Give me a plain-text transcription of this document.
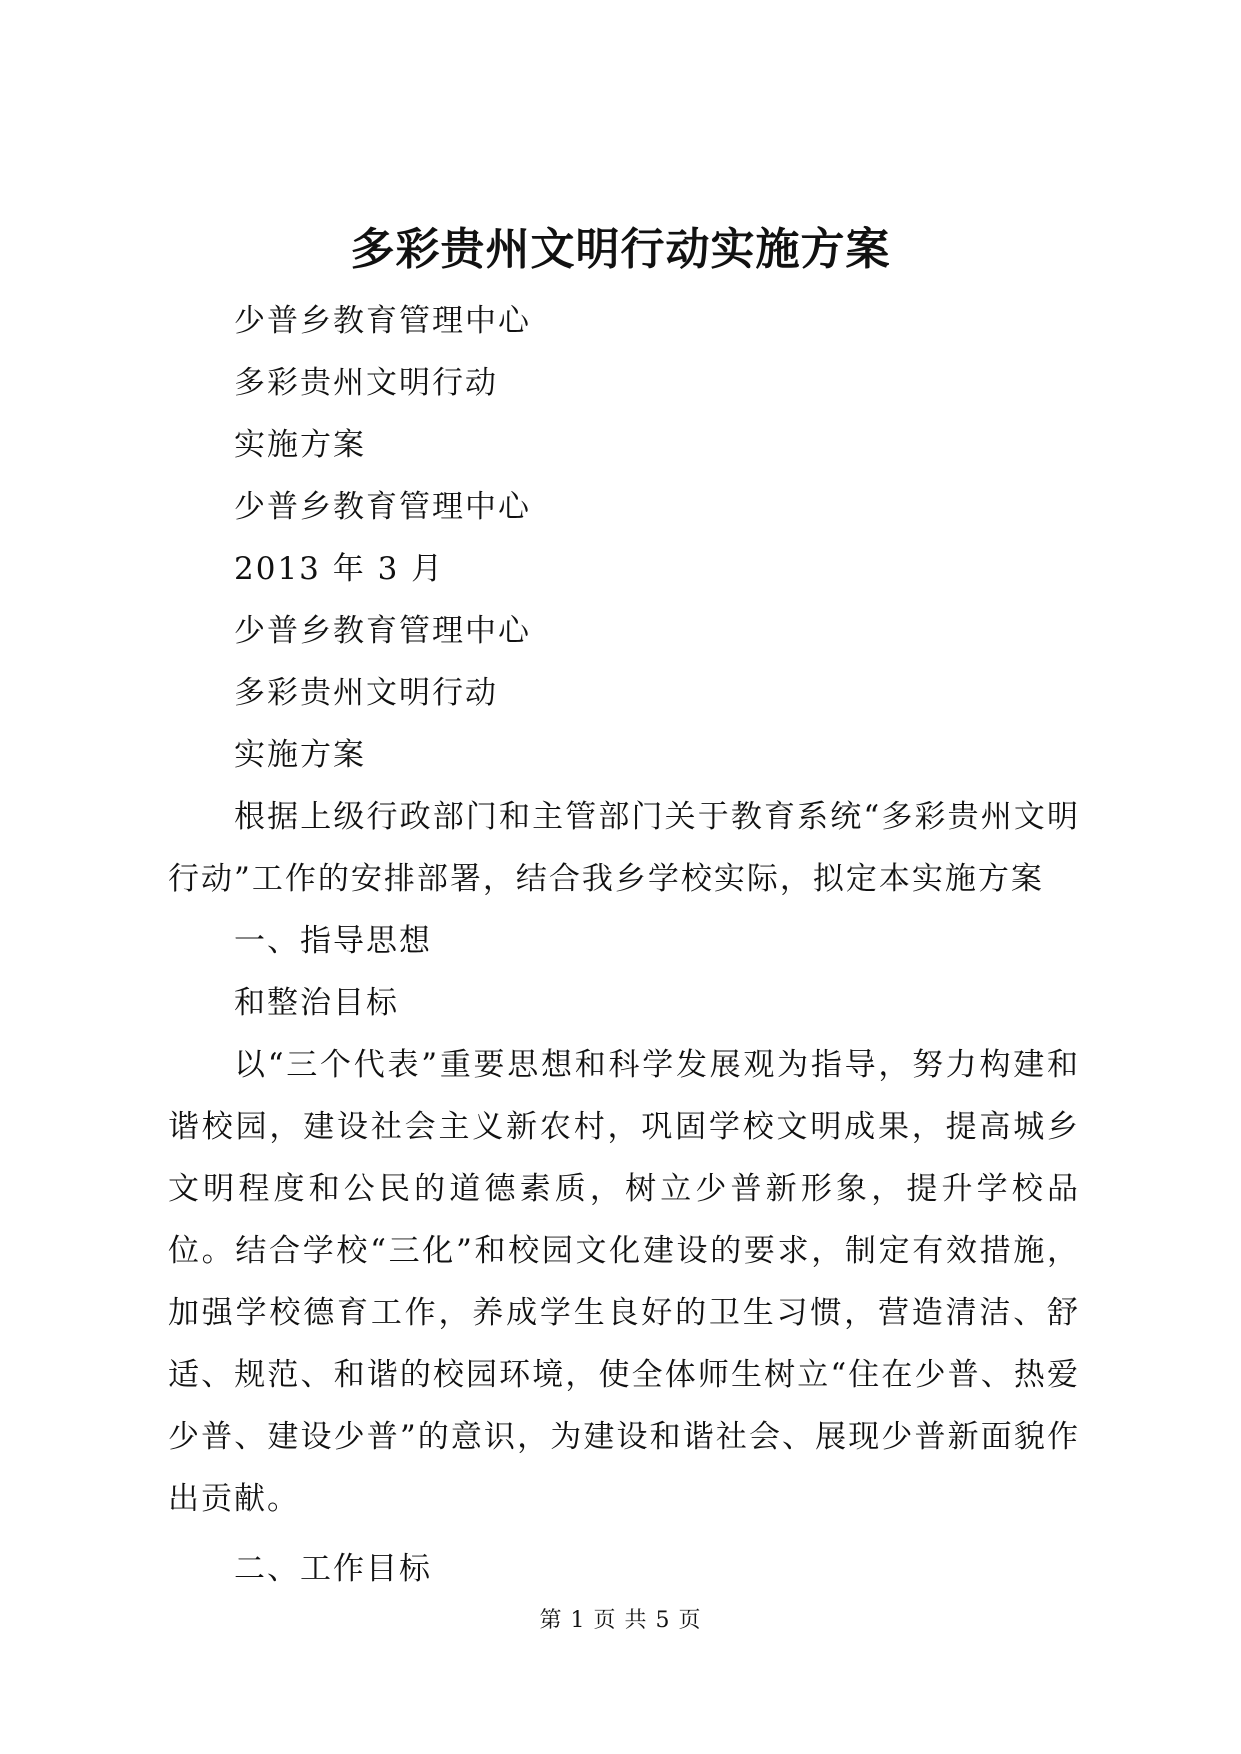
多彩贵州文明行动实施方案
少普乡教育管理中心
多彩贵州文明行动
实施方案
少普乡教育管理中心
2013 年 3 月
少普乡教育管理中心
多彩贵州文明行动
实施方案
根据上级行政部门和主管部门关于教育系统“多彩贵州文明行动”工作的安排部署，结合我乡学校实际，拟定本实施方案
一、指导思想
和整治目标
以“三个代表”重要思想和科学发展观为指导，努力构建和谐校园，建设社会主义新农村，巩固学校文明成果，提高城乡文明程度和公民的道德素质，树立少普新形象，提升学校品位。结合学校“三化”和校园文化建设的要求，制定有效措施，加强学校德育工作，养成学生良好的卫生习惯，营造清洁、舒适、规范、和谐的校园环境，使全体师生树立“住在少普、热爱少普、建设少普”的意识，为建设和谐社会、展现少普新面貌作出贡献。
二、工作目标
第 1 页 共 5 页
